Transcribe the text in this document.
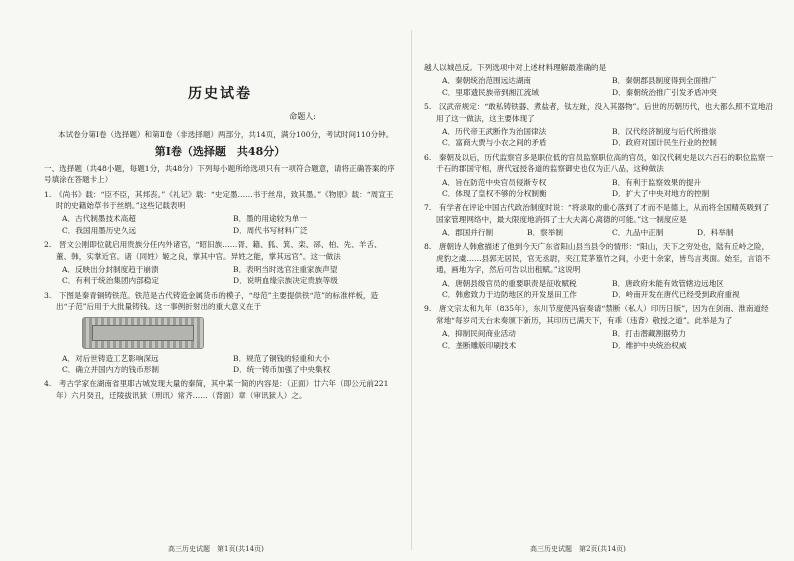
历史试卷
命题人:
本试卷分第Ⅰ卷（选择题）和第Ⅱ卷（非选择题）两部分，共14页，满分100分，考试时间110分钟。
第Ⅰ卷（选择题　共48分）
一、选择题（共48小题，每题1分，共48分）下列每小题所给选项只有一项符合题意，请将正确答案的序号填涂在答题卡上）
1.　《尚书》载：“臣不臣，其邦丧。”《礼记》载：“史定墨……书于丝帛，致其墨。”《物原》载：“周宣王时的史籍始草书于丝绢。”这些记载表明
A．古代制墨技术高超	B．墨的用途较为单一
C．我国用墨历史久远	D．周代书写材料广泛
2.　晋文公刚即位就启用贵族分任内外诸官，“昭旧族……胥、籍、狐、箕、栾、郤、柏、先、羊舌、董、韩，实掌近官。诸（同姓）姬之良，掌其中官。异姓之能，掌其远官”。这一做法
A．反映出分封制度趋于崩溃	B．表明当时选官注重家族声望
C．有利于统治集团内部稳定	D．说明血缘宗族决定贵族等级
3.　下图是秦青铜铸铁范。铁范是古代铸造金属货币的模子，“母范”主要提供铁“范”的标准样板，造出“子范”后用于大批量铸钱。这一事例折射出的重大意义在于
A．对后世铸造工艺影响深远	B．规范了铜钱的轻重和大小
C．确立并国内方的钱币形制	D．统一铸币加强了中央集权
4.　考古学家在湖南省里耶古城发现大量的秦简，其中某一简的内容是：（正面）廿六年（即公元前221年）六月癸丑，迁陵拔讯狱（刑讯）常齐……（背面）章（审讯狱人）之。
越人以城邑反。下列选项中对上述材料理解最准确的是
A．秦朝统治范围远达湖南	B．秦朝郡县制度得到全面推广
C．里耶遗民族帝到湘江流域	D．秦朝统治推广引发矛盾冲突
5.　汉武帝规定：“敢私铸铁器、煮盐者，钛左趾，没入其器物”。后世的历朝历代，也大都么照不宣地沿用了这一做法，这主要体现了
A．历代帝王武断作为治国律法	B．汉代经济制度与后代所推崇
C．富商大贾与小农之间的矛盾	D．政府对国计民生行业的控制
6.　秦朝及以后，历代监察官多是职位低的官员监察职位高的官员，如汉代刺史是以六百石的职位监察一千石的郡国守相，唐代冠授各道的监察御史也仅为正八品，这种做法
A．旨在防范中央官员侵渐专权	B．有利于监察效果的提升
C．体现了皇权不够的分权制衡	D．扩大了中央对地方的控制
7.　有学者在评论中国古代政治制度时说：“将录取的重心落到了才而不是德上，从而将全国精英吸到了国家管理网络中，最大限度地消弭了士大夫离心离德的可能。”这一制度应是
A．郡国并行制	B．察举制	C．九品中正制	D．科举制
8.　唐朝诗人韩愈描述了他到今天广东省阳山县当县令的情形：“阳山，天下之穷处也，陆有丘岭之险，虎豹之虞……县郭无居民，官无丞尉，夹江荒茅篁竹之间，小吏十余家，皆鸟言夷面。始至，言语不通，画地为字，然后可告以出租赋。”这说明
A．唐朝县级官员的重要职责是征收赋税	B．唐政府未能有效管辖边远地区
C．韩愈致力于边防地区的开发垦田工作	D．岭南开发在唐代已经受到政府重视
9.　唐文宗太和九年（835年），东川节度使冯宿奏请“禁断（私人）印历日版”，因为在剑南、淮南道经常地“每岁司天台未奏颁下新历，其印历已满天下，有乖（违背）敬授之道”。此举是为了
A．抑制民间商业活动	B．打击潜藏割据势力
C．垄断雕版印刷技术	D．维护中央统治权威
高三历史试题　第1页(共14页)	高三历史试题　第2页(共14页)
